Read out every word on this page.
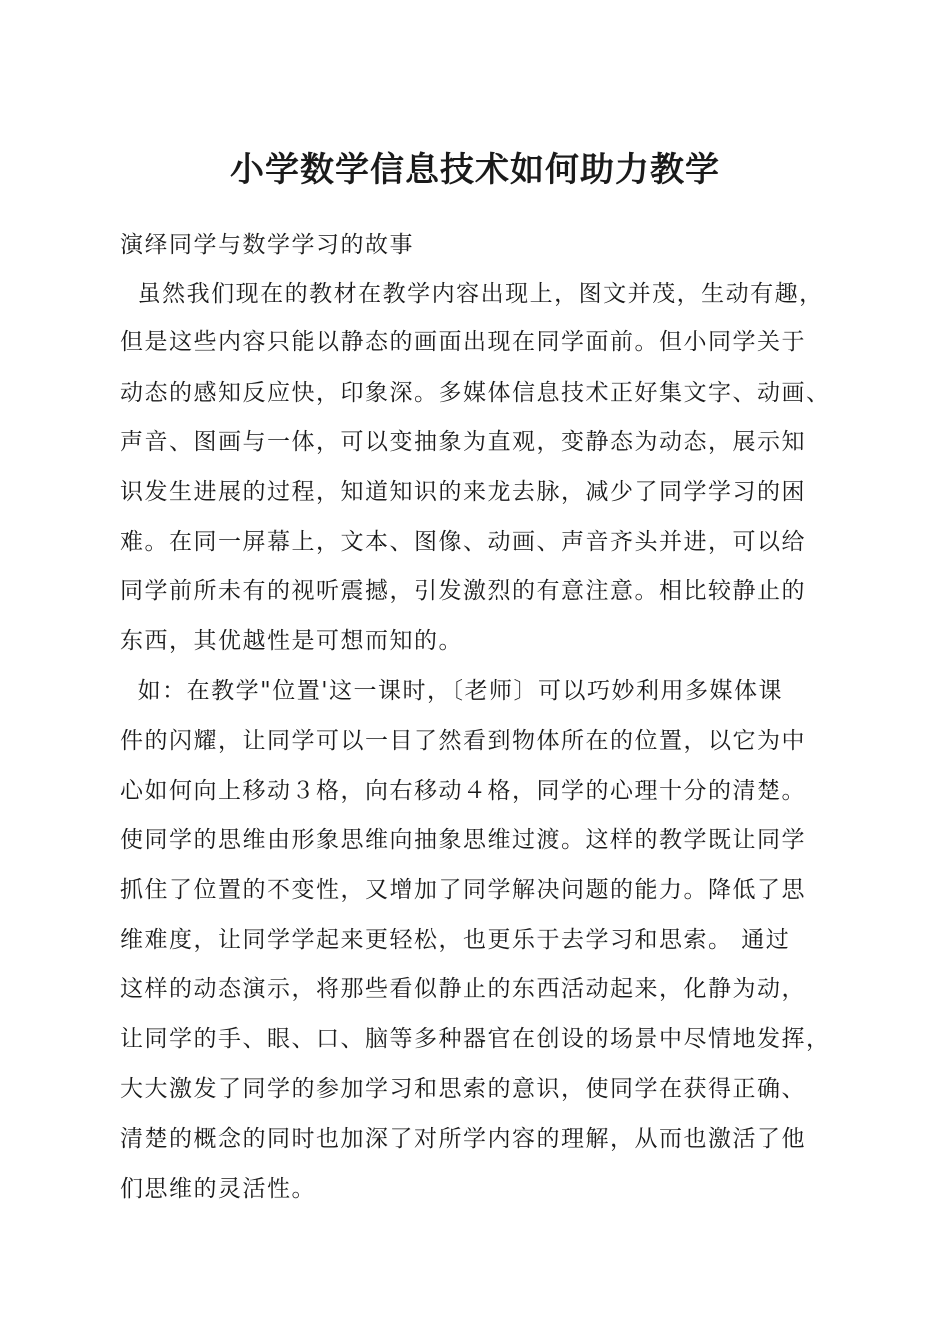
小学数学信息技术如何助力教学
演绎同学与数学学习的故事
虽然我们现在的教材在教学内容出现上，图文并茂，生动有趣，
但是这些内容只能以静态的画面出现在同学面前。但小同学关于
动态的感知反应快，印象深。多媒体信息技术正好集文字、动画、
声音、图画与一体，可以变抽象为直观，变静态为动态，展示知
识发生进展的过程，知道知识的来龙去脉，减少了同学学习的困
难。在同一屏幕上，文本、图像、动画、声音齐头并进，可以给
同学前所未有的视听震撼，引发激烈的有意注意。相比较静止的
东西，其优越性是可想而知的。
如：在教学"位置'这一课时，〔老师〕可以巧妙利用多媒体课
件的闪耀，让同学可以一目了然看到物体所在的位置，以它为中
心如何向上移动３格，向右移动４格，同学的心理十分的清楚。
使同学的思维由形象思维向抽象思维过渡。这样的教学既让同学
抓住了位置的不变性，又增加了同学解决问题的能力。降低了思
维难度，让同学学起来更轻松，也更乐于去学习和思索。 通过
这样的动态演示，将那些看似静止的东西活动起来，化静为动，
让同学的手、眼、口、脑等多种器官在创设的场景中尽情地发挥，
大大激发了同学的参加学习和思索的意识，使同学在获得正确、
清楚的概念的同时也加深了对所学内容的理解，从而也激活了他
们思维的灵活性。
